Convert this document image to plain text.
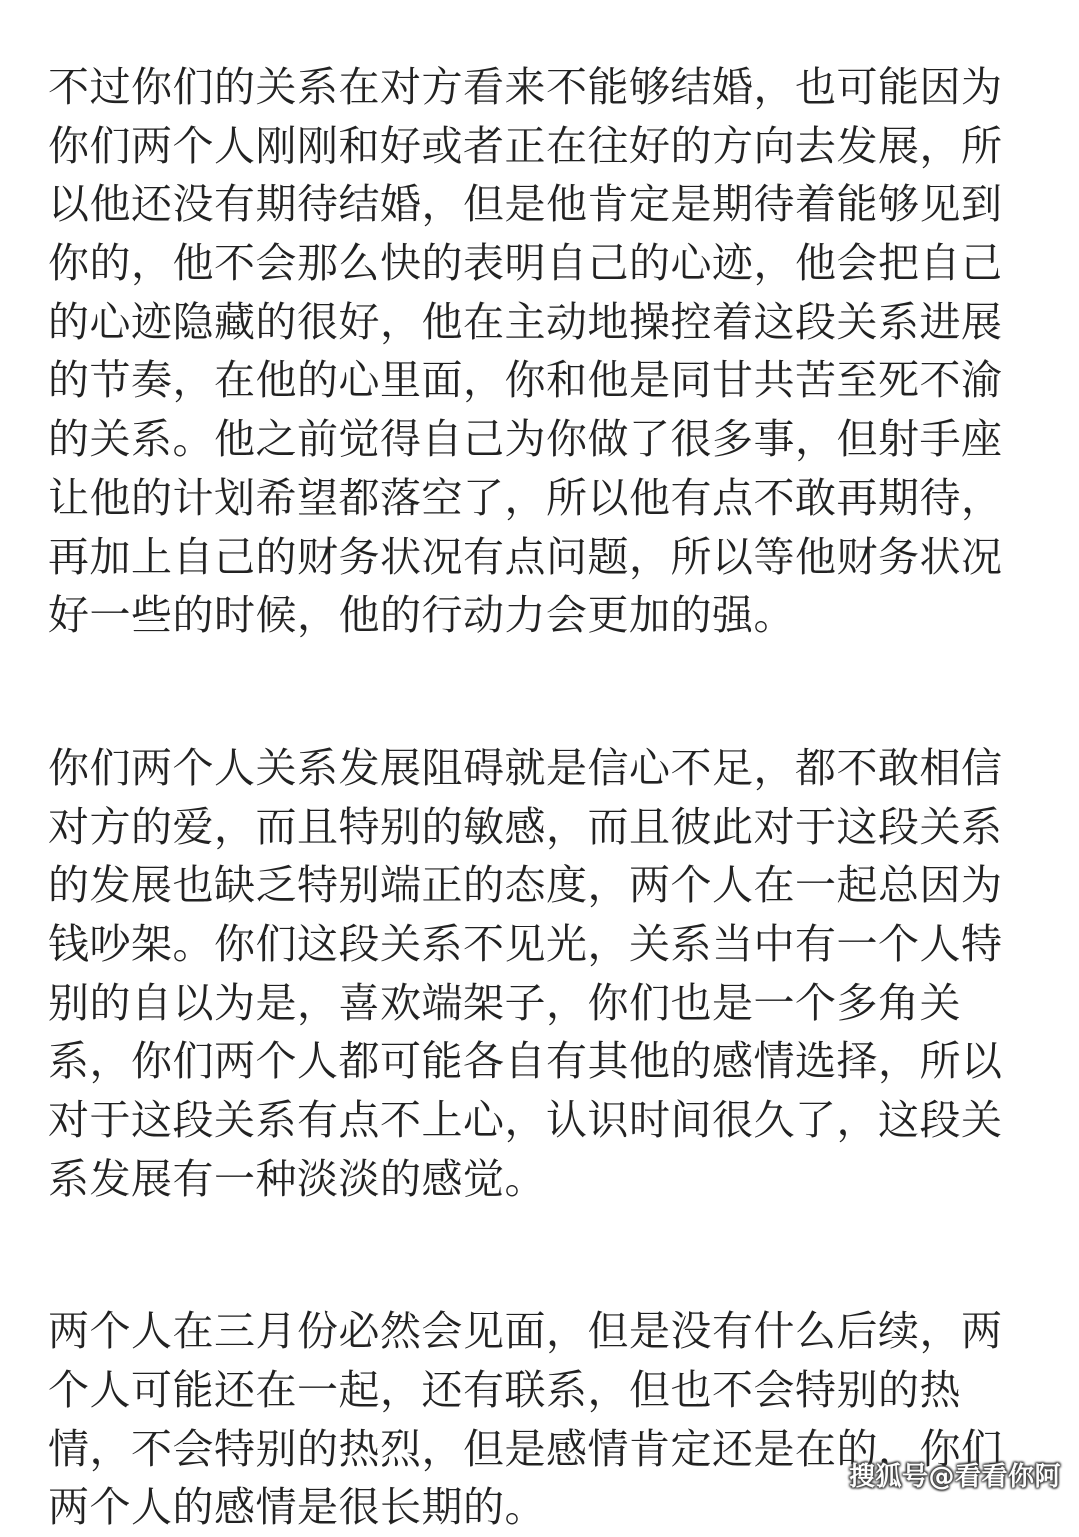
不过你们的关系在对方看来不能够结婚，也可能因为
你们两个人刚刚和好或者正在往好的方向去发展，所
以他还没有期待结婚，但是他肯定是期待着能够见到
你的，他不会那么快的表明自己的心迹，他会把自己
的心迹隐藏的很好，他在主动地操控着这段关系进展
的节奏，在他的心里面，你和他是同甘共苦至死不渝
的关系。他之前觉得自己为你做了很多事，但射手座
让他的计划希望都落空了，所以他有点不敢再期待，
再加上自己的财务状况有点问题，所以等他财务状况
好一些的时候，他的行动力会更加的强。
你们两个人关系发展阻碍就是信心不足，都不敢相信
对方的爱，而且特别的敏感，而且彼此对于这段关系
的发展也缺乏特别端正的态度，两个人在一起总因为
钱吵架。你们这段关系不见光，关系当中有一个人特
别的自以为是，喜欢端架子，你们也是一个多角关
系，你们两个人都可能各自有其他的感情选择，所以
对于这段关系有点不上心，认识时间很久了，这段关
系发展有一种淡淡的感觉。
两个人在三月份必然会见面，但是没有什么后续，两
个人可能还在一起，还有联系，但也不会特别的热
情，不会特别的热烈，但是感情肯定还是在的，你们
两个人的感情是很长期的。
搜狐号@看看你阿
